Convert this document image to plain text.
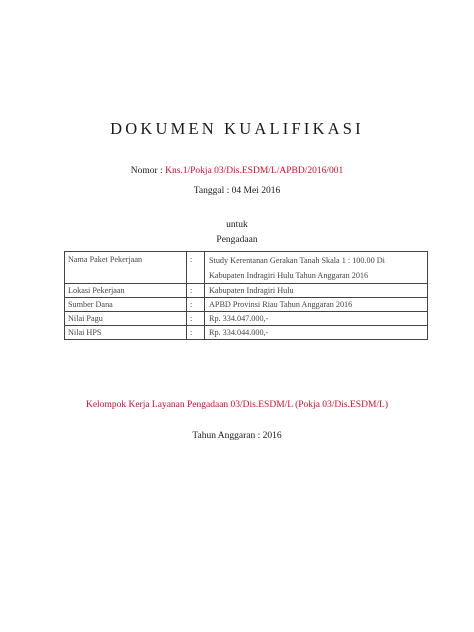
DOKUMEN KUALIFIKASI
Nomor : Kns.1/Pokja 03/Dis.ESDM/L/APBD/2016/001
Tanggal : 04 Mei 2016
untuk
Pengadaan
Nama Paket Pekerjaan	:	Study Kerentanan Gerakan Tanah Skala 1 : 100.00 Di
Kabupaten Indragiri Hulu Tahun Anggaran 2016

Lokasi Pekerjaan	:	Kabupaten Indragiri Hulu
Sumber Dana	:	APBD Provinsi Riau Tahun Anggaran 2016
Nilai Pagu	:	Rp. 334.047.000,-
Nilai HPS	:	Rp. 334.044.000,-
Kelompok Kerja Layanan Pengadaan 03/Dis.ESDM/L (Pokja 03/Dis.ESDM/L)
Tahun Anggaran : 2016
